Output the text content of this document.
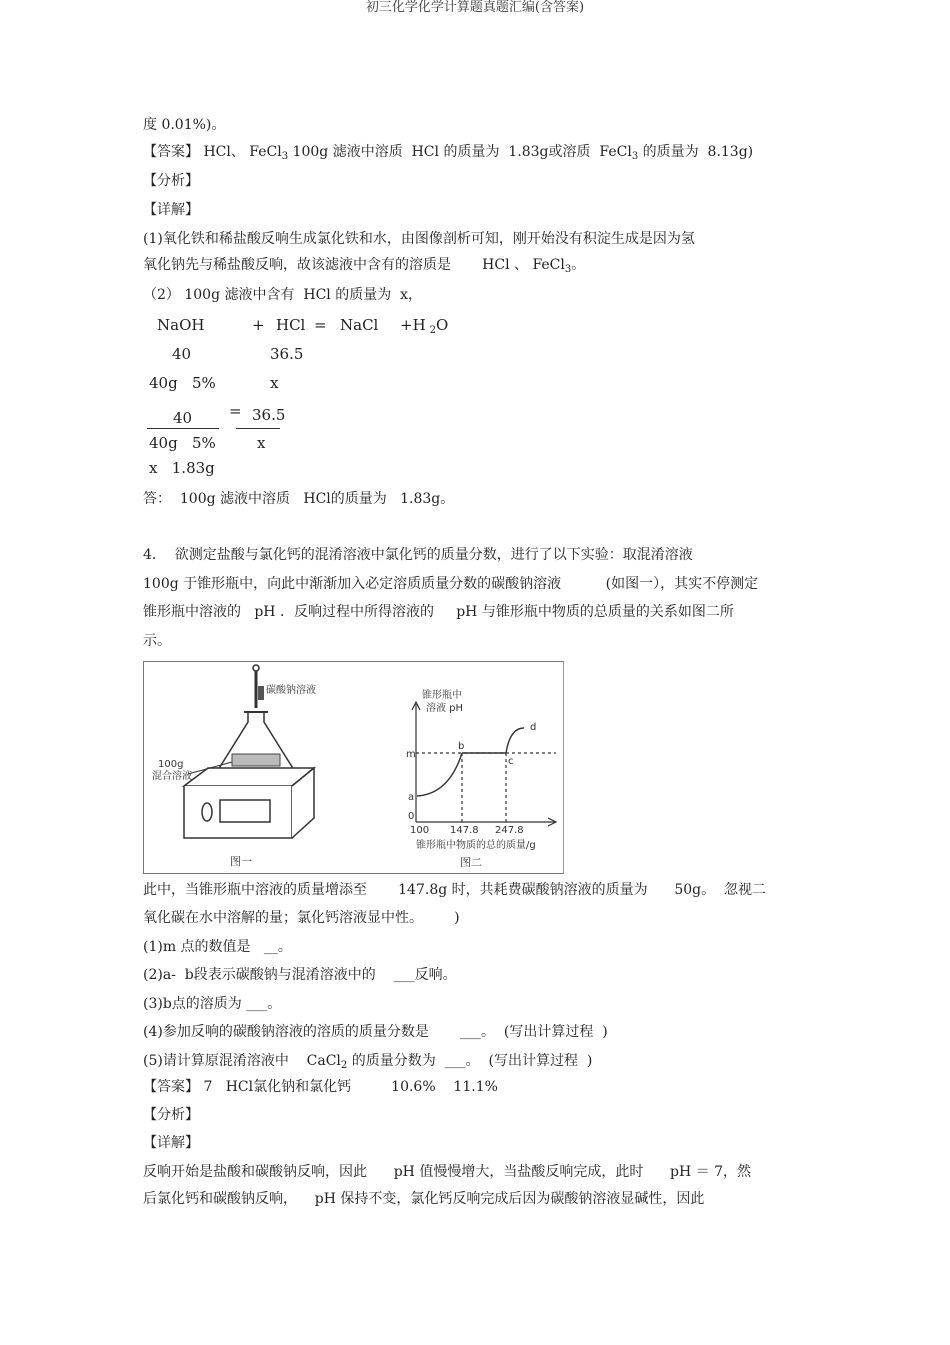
初三化学化学计算题真题汇编(含答案)
度 0.01%)。
【答案】 HCl、 FeCl$_3$ 100g 滤液中溶质  HCl 的质量为  1.83g或溶质  FeCl$_3$ 的质量为  8.13g)
【分析】
【详解】
(1)氧化铁和稀盐酸反响生成氯化铁和水，由图像剖析可知，刚开始没有积淀生成是因为氢
氧化钠先与稀盐酸反响，故该滤液中含有的溶质是       HCl 、 FeCl$_3$。
（2） 100g 滤液中含有  HCl 的质量为  x，
NaOH	+ HCl = NaCl +H $_2$O
40	36.5
40g   5%	x
40 = 36.5
40g   5%	x
x   1.83g
答：  100g 滤液中溶质   HCl的质量为   1.83g。
4．  欲测定盐酸与氯化钙的混淆溶液中氯化钙的质量分数，进行了以下实验：取混淆溶液
100g 于锥形瓶中，向此中渐渐加入必定溶质质量分数的碳酸钠溶液          (如图一），其实不停测定
锥形瓶中溶液的   pH ．反响过程中所得溶液的     pH 与锥形瓶中物质的总质量的关系如图二所
示。
碳酸钠溶液
100g
混合溶液
图一
锥形瓶中
溶液 pH
m
a
0
b
c
d
100 147.8 247.8
锥形瓶中物质的总的质量/g
图二
此中，当锥形瓶中溶液的质量增添至       147.8g 时，共耗费碳酸钠溶液的质量为      50g。  忽视二
氧化碳在水中溶解的量；氯化钙溶液显中性。       )
(1)m 点的数值是   __。
(2)a-  b段表示碳酸钠与混淆溶液中的    ___反响。
(3)b点的溶质为 ___。
(4)参加反响的碳酸钠溶液的溶质的质量分数是       ___。  (写出计算过程  )
(5)请计算原混淆溶液中    CaCl$_2$ 的质量分数为  ___。  (写出计算过程  )
【答案】 7   HCl氯化钠和氯化钙         10.6%    11.1%
【分析】
【详解】
反响开始是盐酸和碳酸钠反响，因此      pH 值慢慢增大，当盐酸反响完成，此时      pH ＝ 7，然
后氯化钙和碳酸钠反响，    pH 保持不变，氯化钙反响完成后因为碳酸钠溶液显碱性，因此
